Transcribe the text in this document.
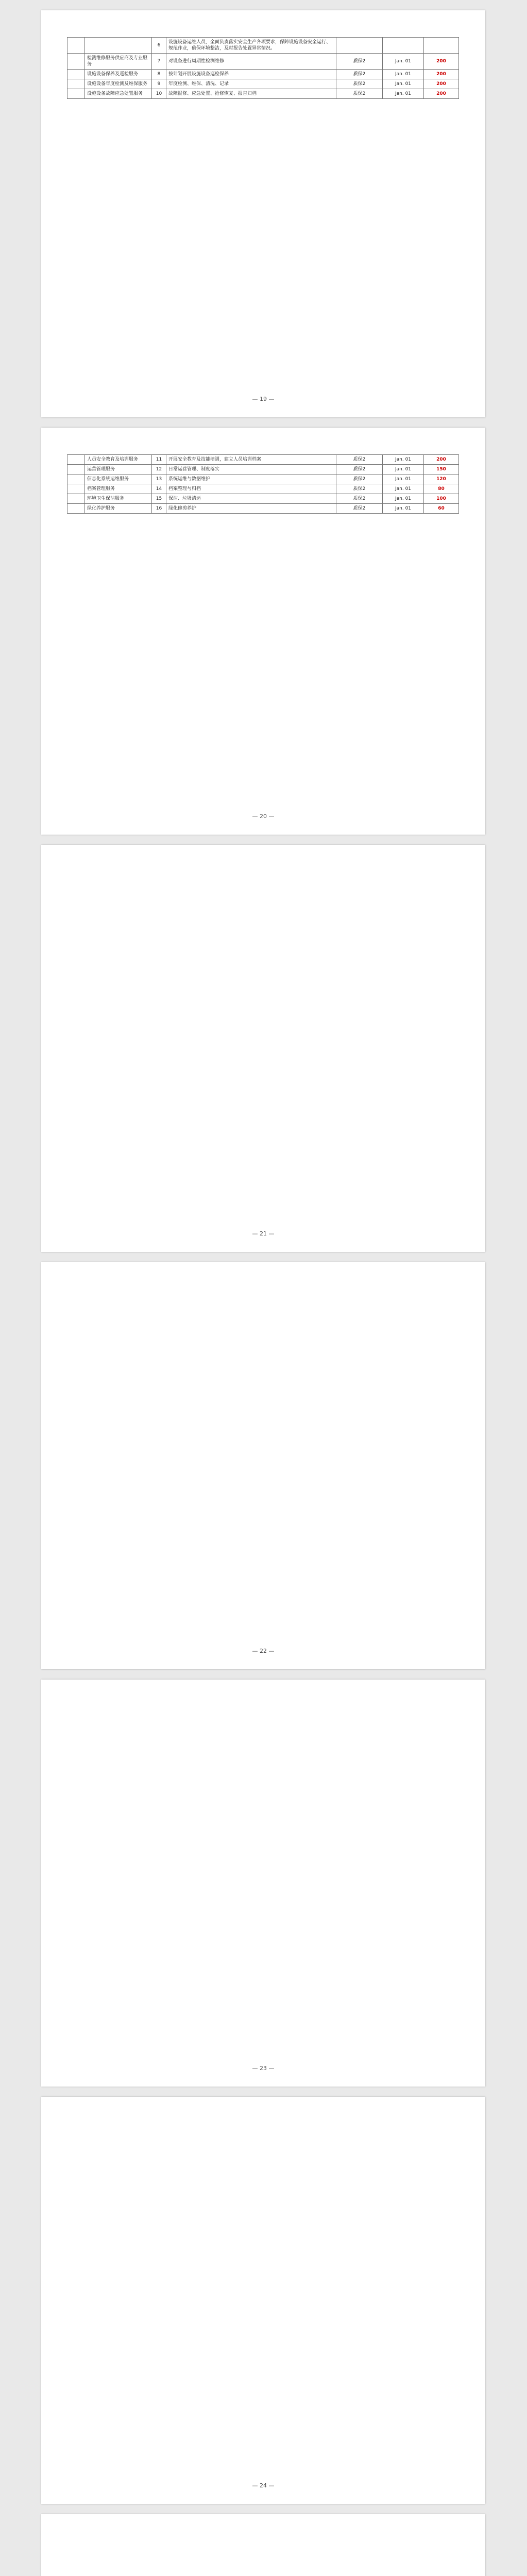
		6	设施设备运维人员，全面负责落实安全生产各项要求，保障设施设备安全运行、规范作业，确保环境整洁，及时报告处置异常情况。			
	检测维修服务供应商及专业服务	7	对设备进行周期性检测维修	质保2	Jan. 01	200
	设施设备保养及巡检服务	8	按计划开展设施设备巡检保养	质保2	Jan. 01	200
	设施设备年度检测及维保服务	9	年度检测、维保、清洗、记录	质保2	Jan. 01	200
	设施设备故障应急处置服务	10	故障报修、应急处置、抢修恢复、报告归档	质保2	Jan. 01	200
— 19 —
	人员安全教育及培训服务	11	开展安全教育及技能培训，建立人员培训档案	质保2	Jan. 01	200
	运营管理服务	12	日常运营管理、制度落实	质保2	Jan. 01	150
	信息化系统运维服务	13	系统运维与数据维护	质保2	Jan. 01	120
	档案管理服务	14	档案整理与归档	质保2	Jan. 01	80
	环境卫生保洁服务	15	保洁、垃圾清运	质保2	Jan. 01	100
	绿化养护服务	16	绿化修剪养护	质保2	Jan. 01	60
— 20 —
— 21 —
— 22 —
— 23 —
— 24 —
